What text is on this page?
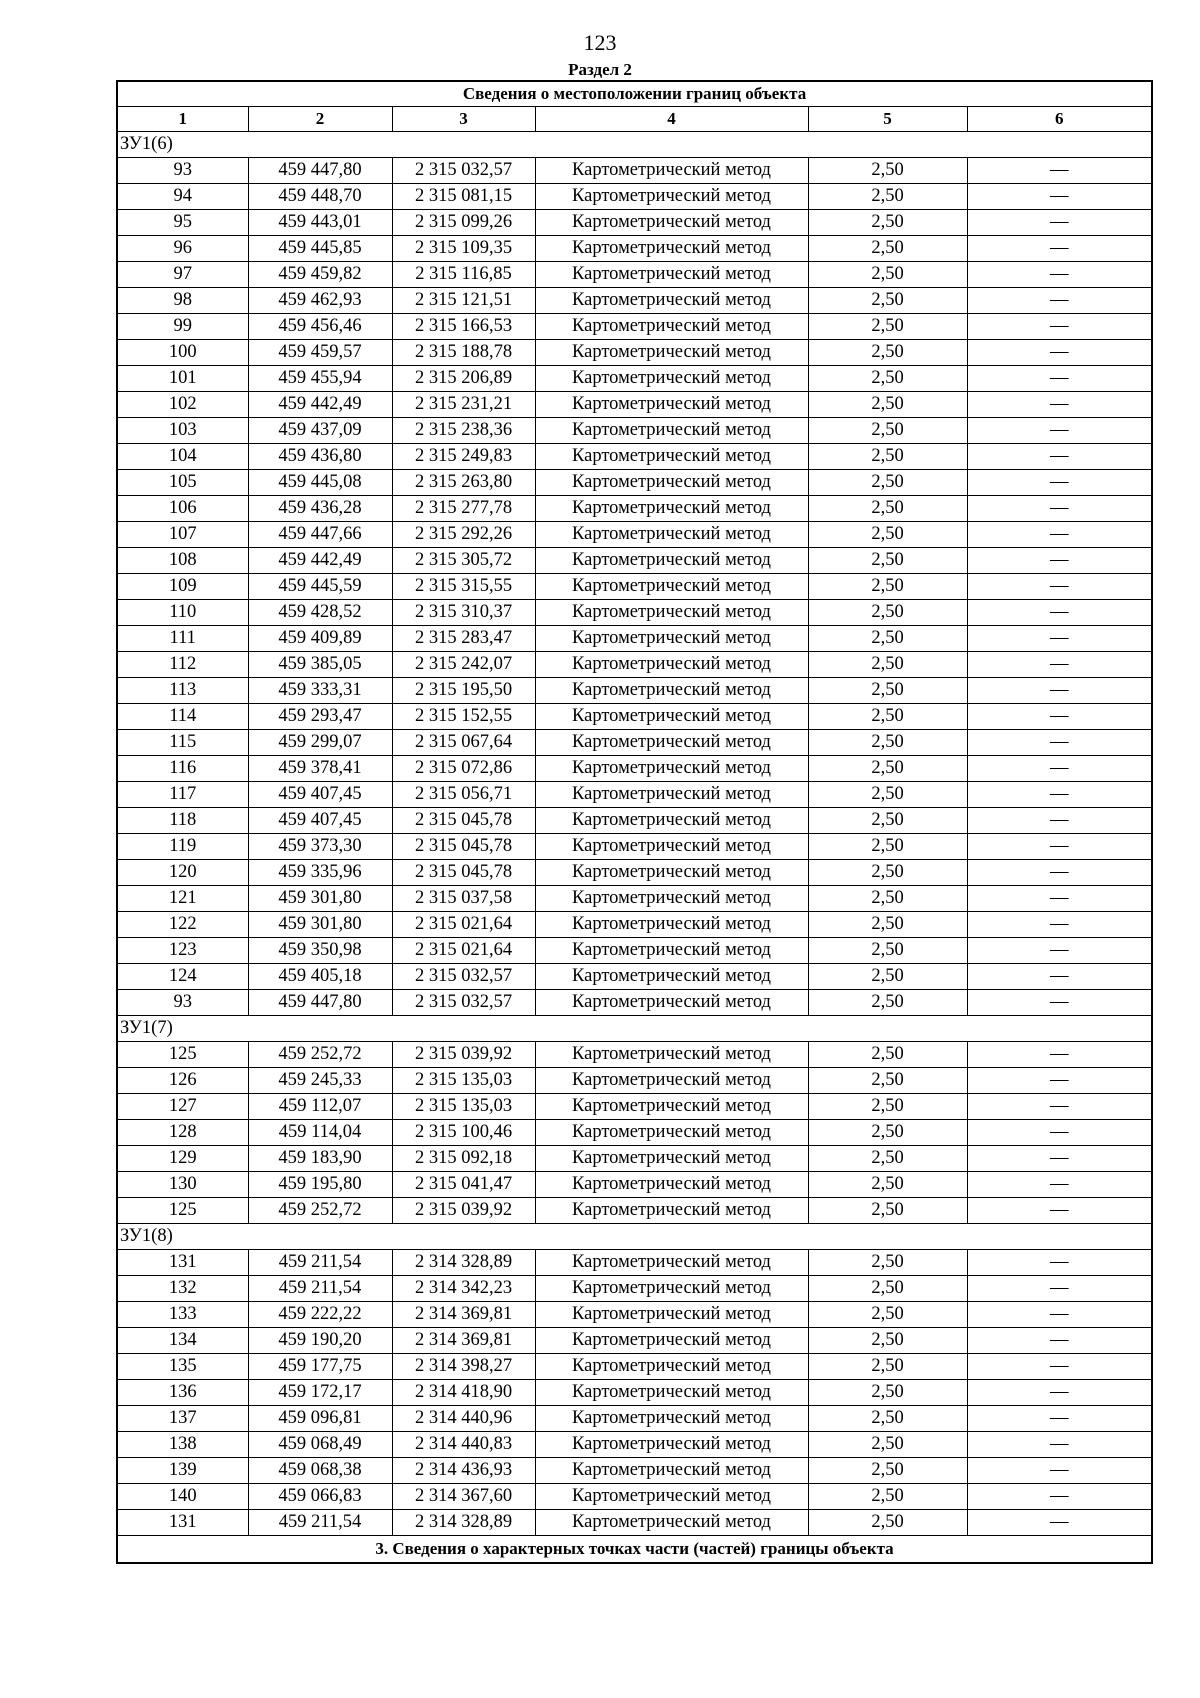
123
Раздел 2
Сведения о местоположении границ объекта					
1	2	3	4	5	6
ЗУ1(6)					
93	459 447,80	2 315 032,57	Картометрический метод	2,50	—
94	459 448,70	2 315 081,15	Картометрический метод	2,50	—
95	459 443,01	2 315 099,26	Картометрический метод	2,50	—
96	459 445,85	2 315 109,35	Картометрический метод	2,50	—
97	459 459,82	2 315 116,85	Картометрический метод	2,50	—
98	459 462,93	2 315 121,51	Картометрический метод	2,50	—
99	459 456,46	2 315 166,53	Картометрический метод	2,50	—
100	459 459,57	2 315 188,78	Картометрический метод	2,50	—
101	459 455,94	2 315 206,89	Картометрический метод	2,50	—
102	459 442,49	2 315 231,21	Картометрический метод	2,50	—
103	459 437,09	2 315 238,36	Картометрический метод	2,50	—
104	459 436,80	2 315 249,83	Картометрический метод	2,50	—
105	459 445,08	2 315 263,80	Картометрический метод	2,50	—
106	459 436,28	2 315 277,78	Картометрический метод	2,50	—
107	459 447,66	2 315 292,26	Картометрический метод	2,50	—
108	459 442,49	2 315 305,72	Картометрический метод	2,50	—
109	459 445,59	2 315 315,55	Картометрический метод	2,50	—
110	459 428,52	2 315 310,37	Картометрический метод	2,50	—
111	459 409,89	2 315 283,47	Картометрический метод	2,50	—
112	459 385,05	2 315 242,07	Картометрический метод	2,50	—
113	459 333,31	2 315 195,50	Картометрический метод	2,50	—
114	459 293,47	2 315 152,55	Картометрический метод	2,50	—
115	459 299,07	2 315 067,64	Картометрический метод	2,50	—
116	459 378,41	2 315 072,86	Картометрический метод	2,50	—
117	459 407,45	2 315 056,71	Картометрический метод	2,50	—
118	459 407,45	2 315 045,78	Картометрический метод	2,50	—
119	459 373,30	2 315 045,78	Картометрический метод	2,50	—
120	459 335,96	2 315 045,78	Картометрический метод	2,50	—
121	459 301,80	2 315 037,58	Картометрический метод	2,50	—
122	459 301,80	2 315 021,64	Картометрический метод	2,50	—
123	459 350,98	2 315 021,64	Картометрический метод	2,50	—
124	459 405,18	2 315 032,57	Картометрический метод	2,50	—
93	459 447,80	2 315 032,57	Картометрический метод	2,50	—
ЗУ1(7)					
125	459 252,72	2 315 039,92	Картометрический метод	2,50	—
126	459 245,33	2 315 135,03	Картометрический метод	2,50	—
127	459 112,07	2 315 135,03	Картометрический метод	2,50	—
128	459 114,04	2 315 100,46	Картометрический метод	2,50	—
129	459 183,90	2 315 092,18	Картометрический метод	2,50	—
130	459 195,80	2 315 041,47	Картометрический метод	2,50	—
125	459 252,72	2 315 039,92	Картометрический метод	2,50	—
ЗУ1(8)					
131	459 211,54	2 314 328,89	Картометрический метод	2,50	—
132	459 211,54	2 314 342,23	Картометрический метод	2,50	—
133	459 222,22	2 314 369,81	Картометрический метод	2,50	—
134	459 190,20	2 314 369,81	Картометрический метод	2,50	—
135	459 177,75	2 314 398,27	Картометрический метод	2,50	—
136	459 172,17	2 314 418,90	Картометрический метод	2,50	—
137	459 096,81	2 314 440,96	Картометрический метод	2,50	—
138	459 068,49	2 314 440,83	Картометрический метод	2,50	—
139	459 068,38	2 314 436,93	Картометрический метод	2,50	—
140	459 066,83	2 314 367,60	Картометрический метод	2,50	—
131	459 211,54	2 314 328,89	Картометрический метод	2,50	—
3. Сведения о характерных точках части (частей) границы объекта					
